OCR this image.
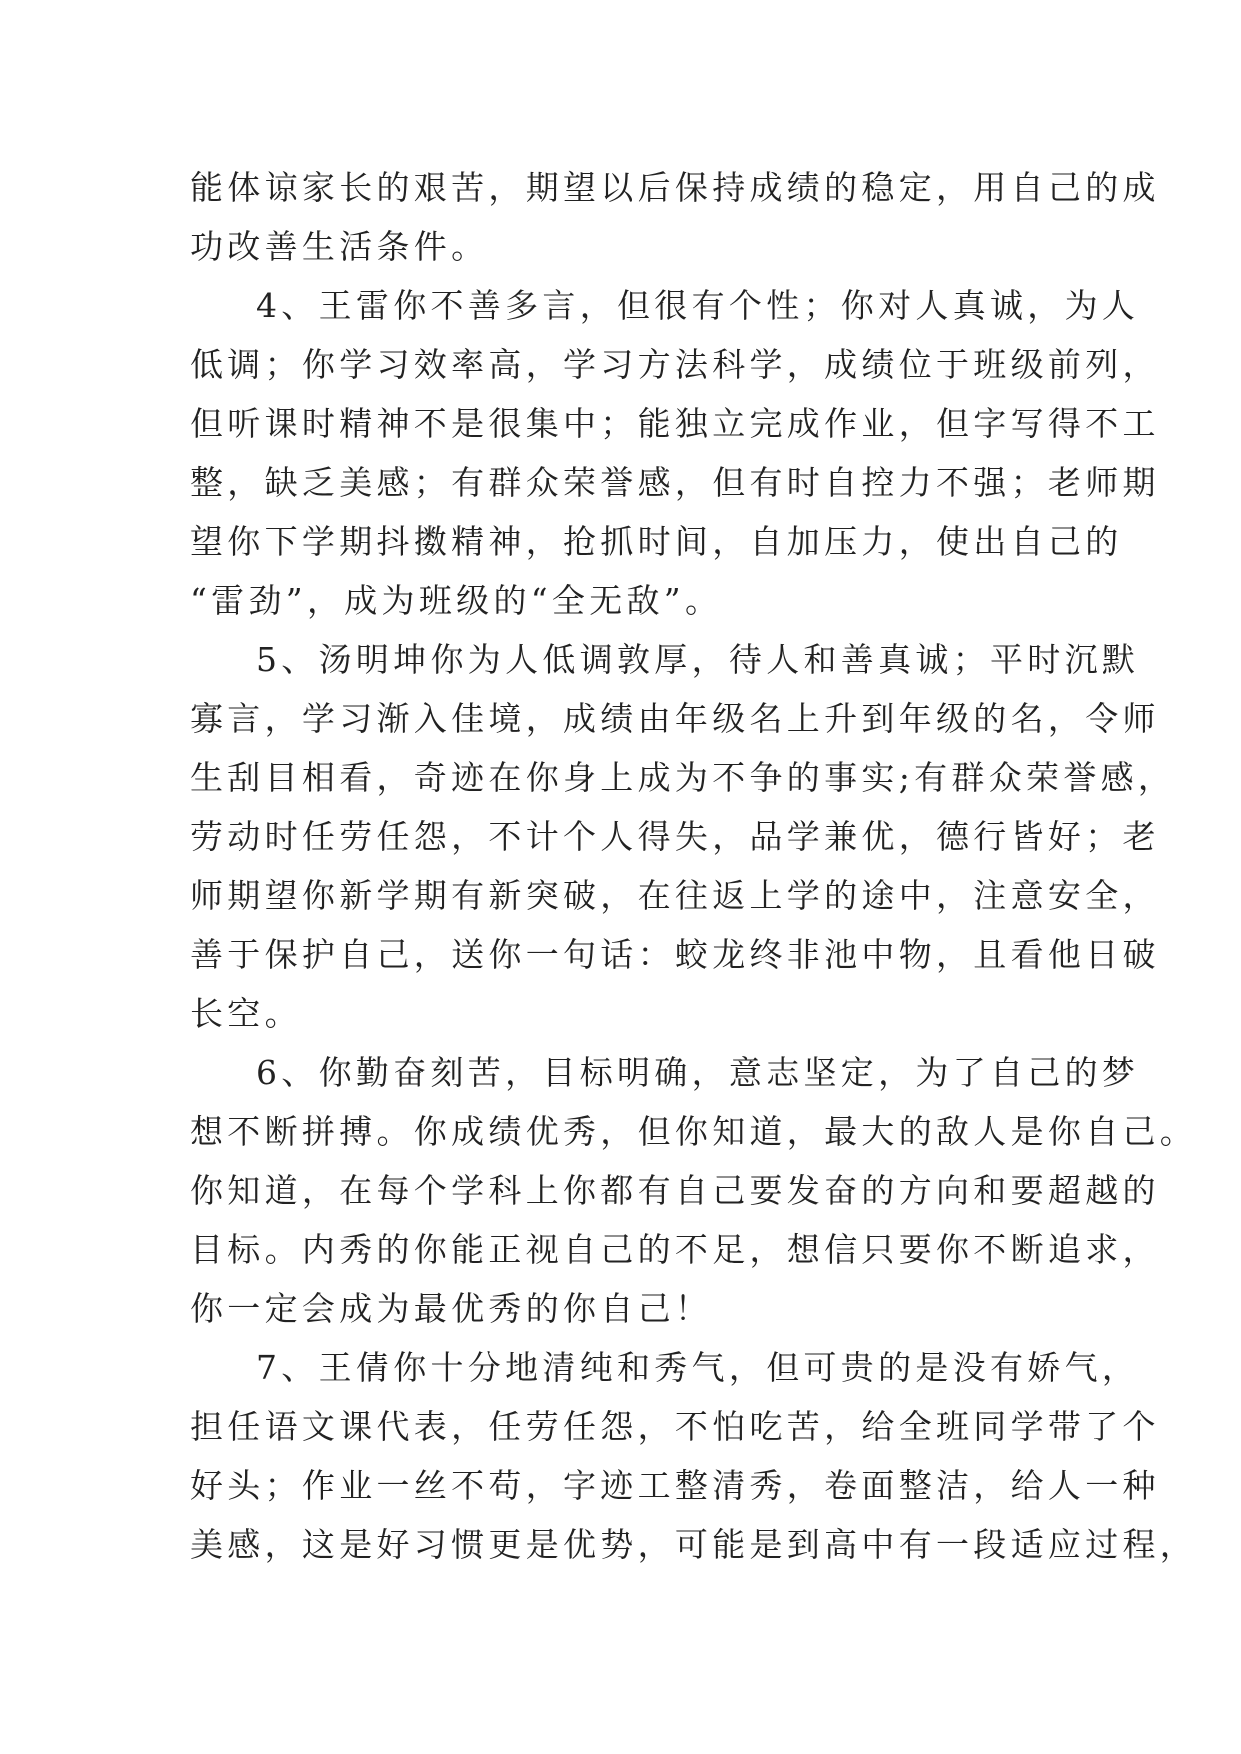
能体谅家长的艰苦，期望以后保持成绩的稳定，用自己的成
功改善生活条件。
4、王雷你不善多言，但很有个性；你对人真诚，为人
低调；你学习效率高，学习方法科学，成绩位于班级前列，
但听课时精神不是很集中；能独立完成作业，但字写得不工
整，缺乏美感；有群众荣誉感，但有时自控力不强；老师期
望你下学期抖擞精神，抢抓时间，自加压力，使出自己的
“雷劲”，成为班级的“全无敌”。
5、汤明坤你为人低调敦厚，待人和善真诚；平时沉默
寡言，学习渐入佳境，成绩由年级名上升到年级的名，令师
生刮目相看，奇迹在你身上成为不争的事实;有群众荣誉感，
劳动时任劳任怨，不计个人得失，品学兼优，德行皆好；老
师期望你新学期有新突破，在往返上学的途中，注意安全，
善于保护自己，送你一句话：蛟龙终非池中物，且看他日破
长空。
6、你勤奋刻苦，目标明确，意志坚定，为了自己的梦
想不断拼搏。你成绩优秀，但你知道，最大的敌人是你自己。
你知道，在每个学科上你都有自己要发奋的方向和要超越的
目标。内秀的你能正视自己的不足，想信只要你不断追求，
你一定会成为最优秀的你自己！
7、王倩你十分地清纯和秀气，但可贵的是没有娇气，
担任语文课代表，任劳任怨，不怕吃苦，给全班同学带了个
好头；作业一丝不苟，字迹工整清秀，卷面整洁，给人一种
美感，这是好习惯更是优势，可能是到高中有一段适应过程，
